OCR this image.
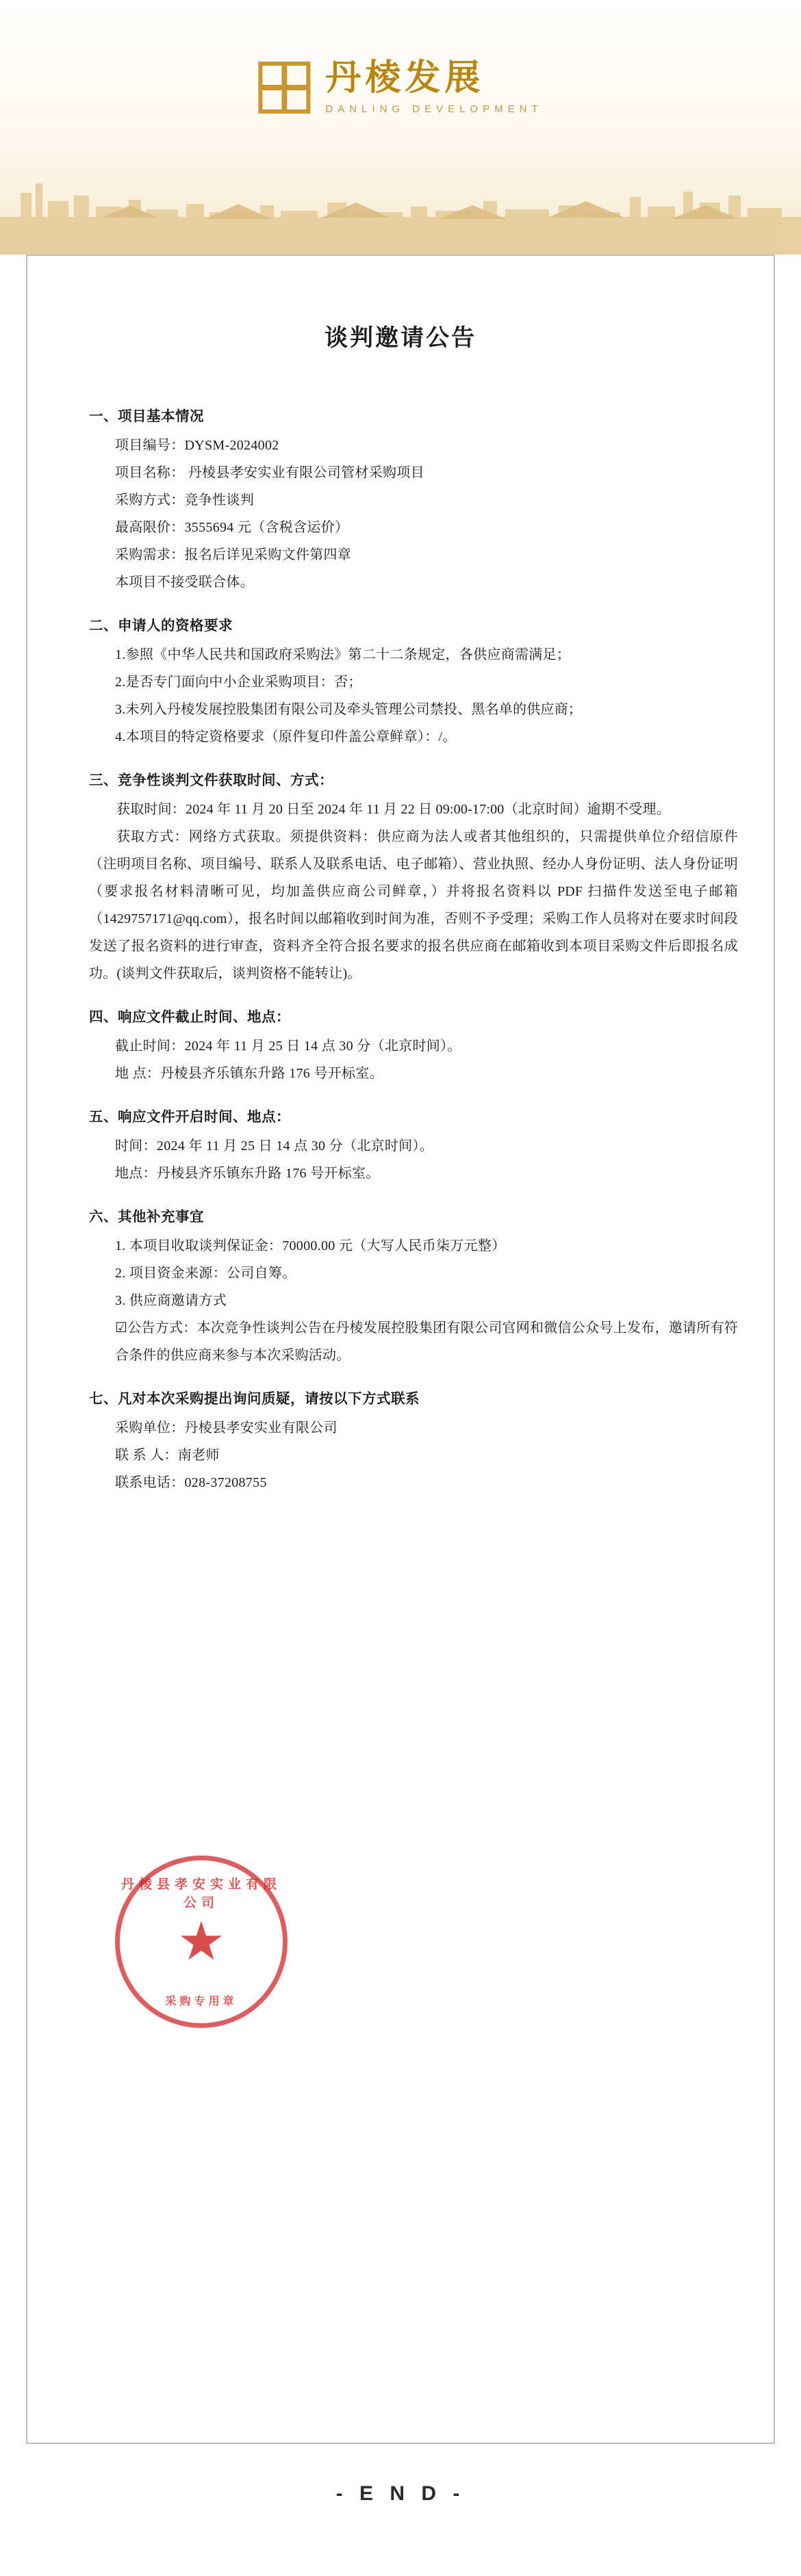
丹棱发展
DANLING DEVELOPMENT
谈判邀请公告
一、项目基本情况
项目编号：DYSM-2024002
项目名称： 丹棱县孝安实业有限公司管材采购项目
采购方式：竞争性谈判
最高限价：3555694 元（含税含运价）
采购需求：报名后详见采购文件第四章
本项目不接受联合体。
二、申请人的资格要求
1.参照《中华人民共和国政府采购法》第二十二条规定，各供应商需满足；
2.是否专门面向中小企业采购项目：否；
3.未列入丹棱发展控股集团有限公司及牵头管理公司禁投、黑名单的供应商；
4.本项目的特定资格要求（原件复印件盖公章鲜章）：/。
三、竞争性谈判文件获取时间、方式：
获取时间：2024 年 11 月 20 日至 2024 年 11 月 22 日 09:00-17:00（北京时间）逾期不受理。
获取方式：网络方式获取。须提供资料：供应商为法人或者其他组织的，只需提供单位介绍信原件（注明项目名称、项目编号、联系人及联系电话、电子邮箱）、营业执照、经办人身份证明、法人身份证明（要求报名材料清晰可见，均加盖供应商公司鲜章，）并将报名资料以 PDF 扫描件发送至电子邮箱（1429757171@qq.com），报名时间以邮箱收到时间为准，否则不予受理；采购工作人员将对在要求时间段发送了报名资料的进行审查，资料齐全符合报名要求的报名供应商在邮箱收到本项目采购文件后即报名成功。(谈判文件获取后，谈判资格不能转让)。
四、响应文件截止时间、地点：
截止时间：2024 年 11 月 25 日 14 点 30 分（北京时间）。
地 点：丹棱县齐乐镇东升路 176 号开标室。
五、响应文件开启时间、地点：
时间：2024 年 11 月 25 日 14 点 30 分（北京时间）。
地点：丹棱县齐乐镇东升路 176 号开标室。
六、其他补充事宜
1. 本项目收取谈判保证金：70000.00 元（大写人民币柒万元整）
2. 项目资金来源：公司自筹。
3. 供应商邀请方式
☑公告方式：本次竞争性谈判公告在丹棱发展控股集团有限公司官网和微信公众号上发布，邀请所有符合条件的供应商来参与本次采购活动。
七、凡对本次采购提出询问质疑，请按以下方式联系
采购单位：丹棱县孝安实业有限公司
联 系 人：南老师
联系电话：028-37208755
丹棱县孝安实业有限公司
★
采购专用章
- E N D -
